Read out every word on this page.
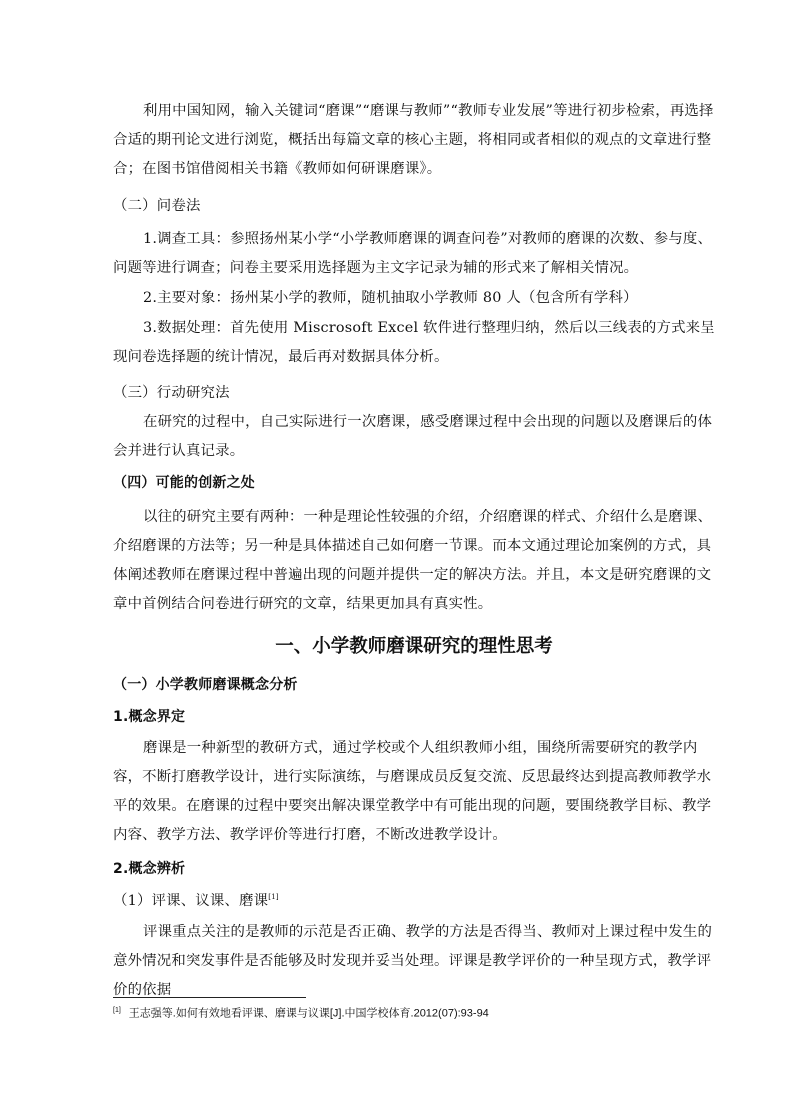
利用中国知网，输入关键词“磨课”“磨课与教师”“教师专业发展”等进行初步检索，再选择合适的期刊论文进行浏览，概括出每篇文章的核心主题，将相同或者相似的观点的文章进行整合；在图书馆借阅相关书籍《教师如何研课磨课》。

（二）问卷法

1.调查工具：参照扬州某小学“小学教师磨课的调查问卷”对教师的磨课的次数、参与度、问题等进行调查；问卷主要采用选择题为主文字记录为辅的形式来了解相关情况。

2.主要对象：扬州某小学的教师，随机抽取小学教师 80 人（包含所有学科）

3.数据处理：首先使用 Miscrosoft Excel 软件进行整理归纳，然后以三线表的方式来呈现问卷选择题的统计情况，最后再对数据具体分析。

（三）行动研究法

在研究的过程中，自己实际进行一次磨课，感受磨课过程中会出现的问题以及磨课后的体会并进行认真记录。

（四）可能的创新之处

以往的研究主要有两种：一种是理论性较强的介绍，介绍磨课的样式、介绍什么是磨课、介绍磨课的方法等；另一种是具体描述自己如何磨一节课。而本文通过理论加案例的方式，具体阐述教师在磨课过程中普遍出现的问题并提供一定的解决方法。并且，本文是研究磨课的文章中首例结合问卷进行研究的文章，结果更加具有真实性。

一、小学教师磨课研究的理性思考

（一）小学教师磨课概念分析

1.概念界定

磨课是一种新型的教研方式，通过学校或个人组织教师小组，围绕所需要研究的教学内容，不断打磨教学设计，进行实际演练，与磨课成员反复交流、反思最终达到提高教师教学水平的效果。在磨课的过程中要突出解决课堂教学中有可能出现的问题，要围绕教学目标、教学内容、教学方法、教学评价等进行打磨，不断改进教学设计。

2.概念辨析

（1）评课、议课、磨课[1]

评课重点关注的是教师的示范是否正确、教学的方法是否得当、教师对上课过程中发生的意外情况和突发事件是否能够及时发现并妥当处理。评课是教学评价的一种呈现方式，教学评价的依据

[1] 王志强等.如何有效地看评课、磨课与议课[J].中国学校体育.2012(07):93-94
